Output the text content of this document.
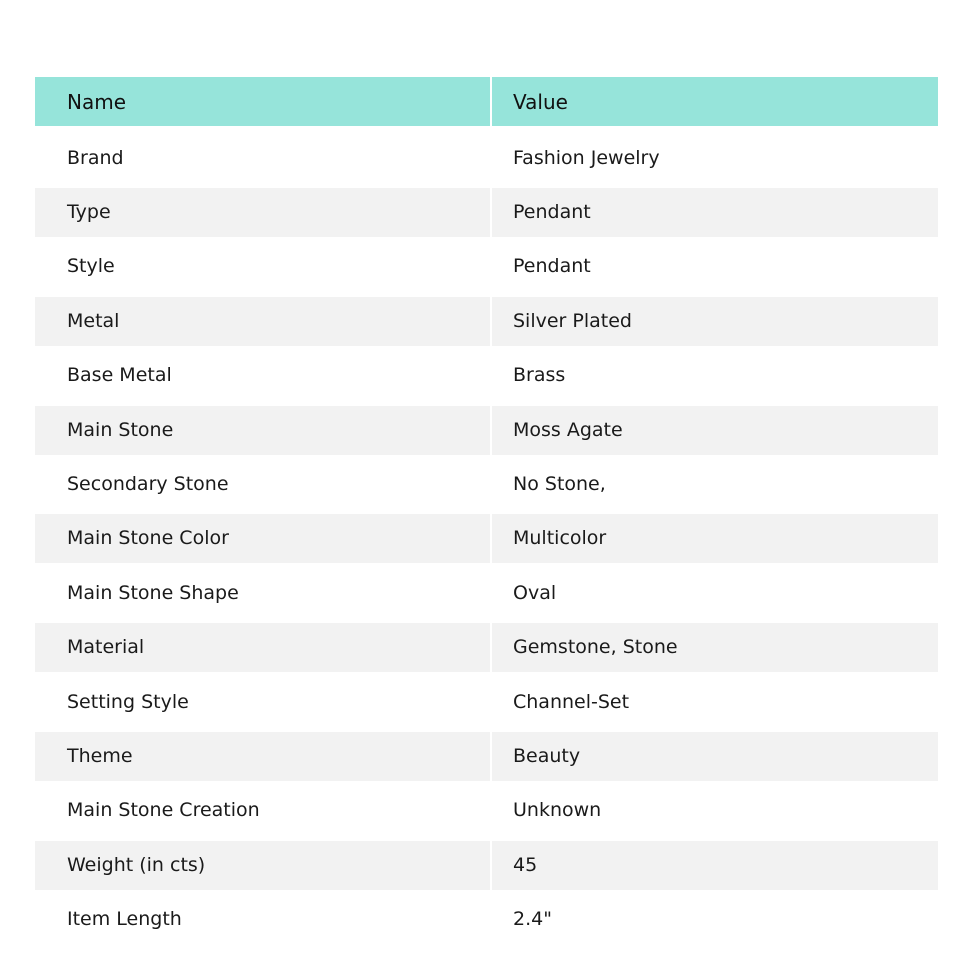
Name	Value
Brand	Fashion Jewelry
Type	Pendant
Style	Pendant
Metal	Silver Plated
Base Metal	Brass
Main Stone	Moss Agate
Secondary Stone	No Stone,
Main Stone Color	Multicolor
Main Stone Shape	Oval
Material	Gemstone, Stone
Setting Style	Channel-Set
Theme	Beauty
Main Stone Creation	Unknown
Weight (in cts)	45
Item Length	2.4"
